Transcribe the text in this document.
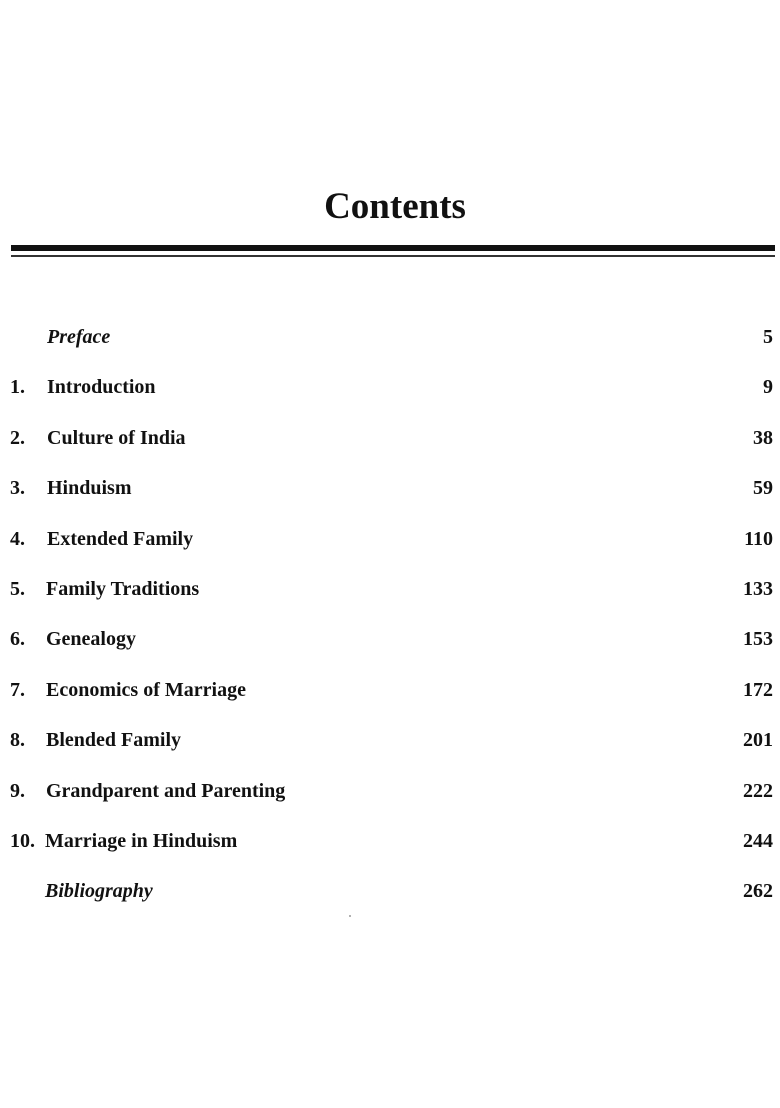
Contents
Preface	5
1. Introduction	9
2. Culture of India	38
3. Hinduism	59
4. Extended Family	110
5. Family Traditions	133
6. Genealogy	153
7. Economics of Marriage	172
8. Blended Family	201
9. Grandparent and Parenting	222
10. Marriage in Hinduism	244
Bibliography	262
